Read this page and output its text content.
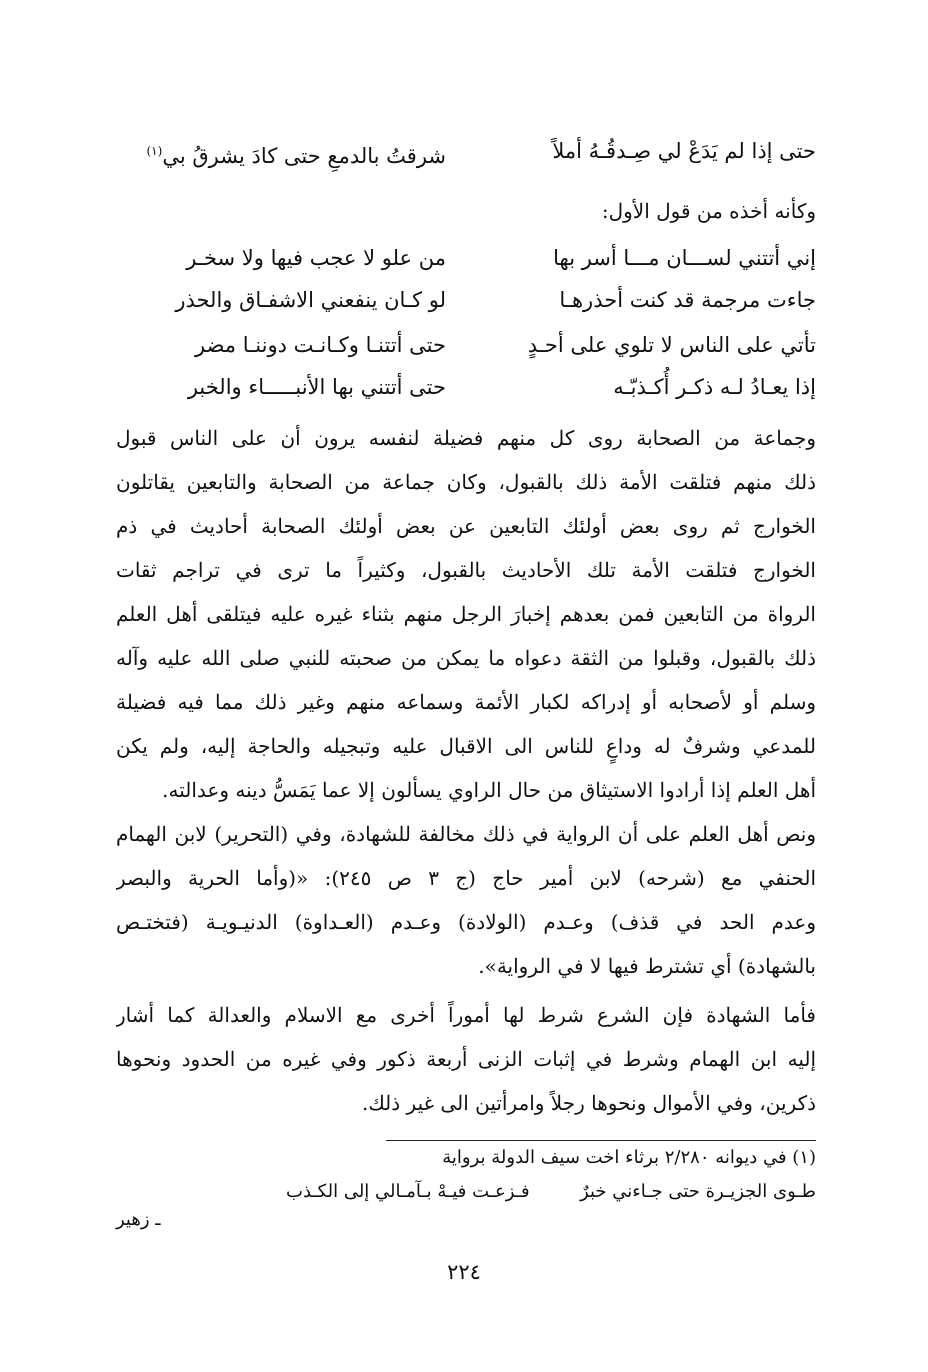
حتى إذا لم يَدَعْ لي صِـدقُـهُ أملاً
شرقتُ بالدمعِ حتى كادَ يشرقُ بي$^{(١)}$
وكأنه أخذه من قول الأول:
إني أتتني لســـان مـــا أسر بها
من علو لا عجب فيها ولا سخـر
جاءت مرجمة قد كنت أحذرهـا
لو كـان ينفعني الاشفـاق والحذر
تأتي على الناس لا تلوي على أحـدٍ
حتى أتتنـا وكـانـت دوننـا مضر
إذا يعـادُ لـه ذكـر أُكـذبّـه
حتى أتتني بها الأنبـــــاء والخبر
وجماعة من الصحابة روى كل منهم فضيلة لنفسه يرون أن على الناس قبول
ذلك منهم فتلقت الأمة ذلك بالقبول، وكان جماعة من الصحابة والتابعين يقاتلون
الخوارج ثم روى بعض أولئك التابعين عن بعض أولئك الصحابة أحاديث في ذم
الخوارج فتلقت الأمة تلك الأحاديث بالقبول، وكثيراً ما ترى في تراجم ثقات
الرواة من التابعين فمن بعدهم إخبارَ الرجل منهم بثناء غيره عليه فيتلقى أهل العلم
ذلك بالقبول، وقبلوا من الثقة دعواه ما يمكن من صحبته للنبي صلى الله عليه وآله
وسلم أو لأصحابه أو إدراكه لكبار الأئمة وسماعه منهم وغير ذلك مما فيه فضيلة
للمدعي وشرفٌ له وداعٍ للناس الى الاقبال عليه وتبجيله والحاجة إليه، ولم يكن
أهل العلم إذا أرادوا الاستيثاق من حال الراوي يسألون إلا عما يَمَسُّ دينه وعدالته.
ونص أهل العلم على أن الرواية في ذلك مخالفة للشهادة، وفي (التحرير) لابن الهمام
الحنفي مع (شرحه) لابن أمير حاج (ج ٣ ص ٢٤٥): «(وأما الحرية والبصر
وعدم الحد في قذف) وعـدم (الولادة) وعـدم (العـداوة) الدنيـويـة (فتختـص
بالشهادة) أي تشترط فيها لا في الرواية».
فأما الشهادة فإن الشرع شرط لها أموراً أخرى مع الاسلام والعدالة كما أشار
إليه ابن الهمام وشرط في إثبات الزنى أربعة ذكور وفي غيره من الحدود ونحوها
ذكرين، وفي الأموال ونحوها رجلاً وامرأتين الى غير ذلك.
(١) في ديوانه ٢/٢٨٠ برثاء اخت سيف الدولة برواية
طـوى الجزيـرة حتى جـاءني خبرٌ
فـزعـت فيـهْ بـآمـالي إلى الكـذب
ـ زهير
٢٢٤
